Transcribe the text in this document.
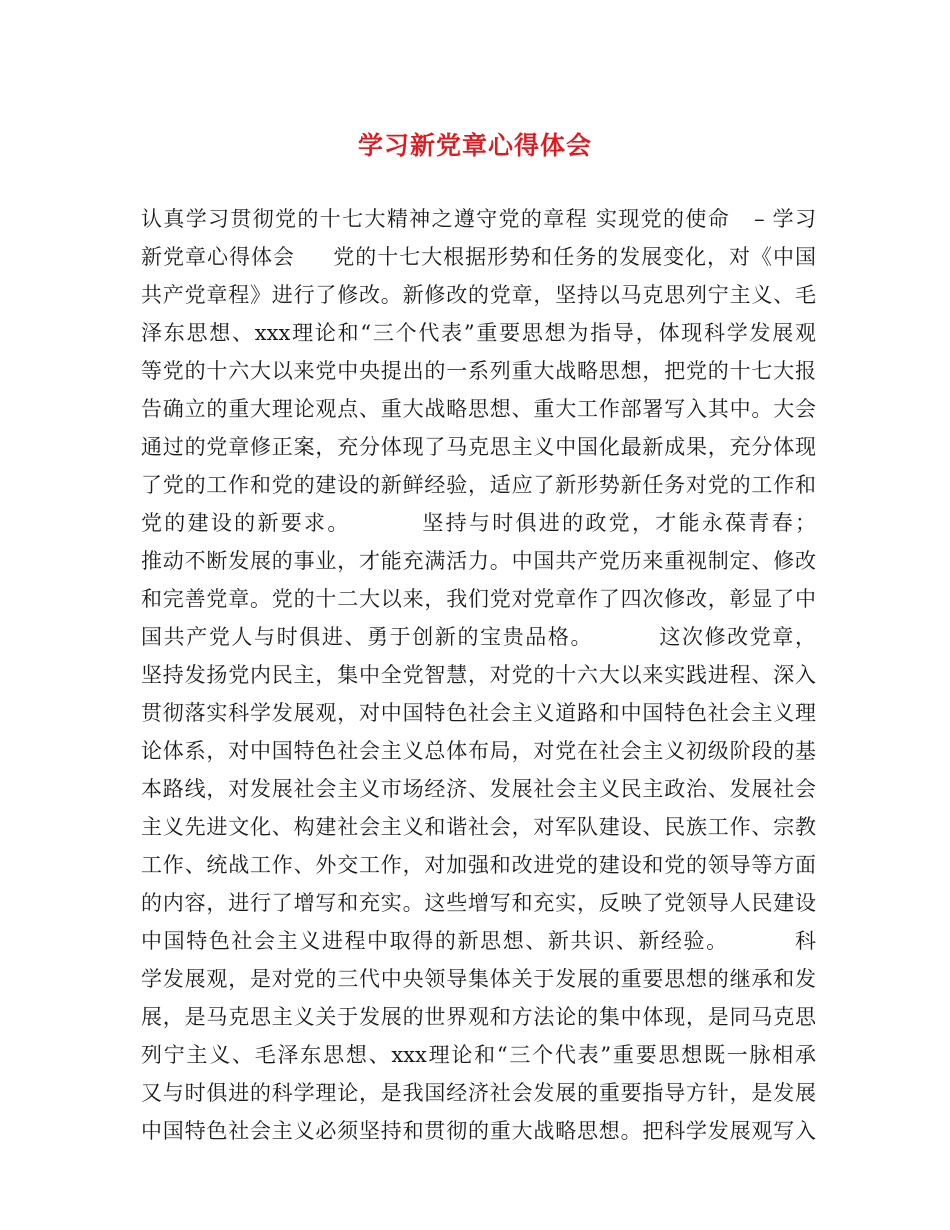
学习新党章心得体会
认真学习贯彻党的十七大精神之遵守党的章程 实现党的使命   – 学习
新党章心得体会     党的十七大根据形势和任务的发展变化，对《中国
共产党章程》进行了修改。新修改的党章，坚持以马克思列宁主义、毛
泽东思想、xxx理论和“三个代表”重要思想为指导，体现科学发展观
等党的十六大以来党中央提出的一系列重大战略思想，把党的十七大报
告确立的重大理论观点、重大战略思想、重大工作部署写入其中。大会
通过的党章修正案，充分体现了马克思主义中国化最新成果，充分体现
了党的工作和党的建设的新鲜经验，适应了新形势新任务对党的工作和
党的建设的新要求。        坚持与时俱进的政党，才能永葆青春；
推动不断发展的事业，才能充满活力。中国共产党历来重视制定、修改
和完善党章。党的十二大以来，我们党对党章作了四次修改，彰显了中
国共产党人与时俱进、勇于创新的宝贵品格。        这次修改党章，
坚持发扬党内民主，集中全党智慧，对党的十六大以来实践进程、深入
贯彻落实科学发展观，对中国特色社会主义道路和中国特色社会主义理
论体系，对中国特色社会主义总体布局，对党在社会主义初级阶段的基
本路线，对发展社会主义市场经济、发展社会主义民主政治、发展社会
主义先进文化、构建社会主义和谐社会，对军队建设、民族工作、宗教
工作、统战工作、外交工作，对加强和改进党的建设和党的领导等方面
的内容，进行了增写和充实。这些增写和充实，反映了党领导人民建设
中国特色社会主义进程中取得的新思想、新共识、新经验。        科
学发展观，是对党的三代中央领导集体关于发展的重要思想的继承和发
展，是马克思主义关于发展的世界观和方法论的集中体现，是同马克思
列宁主义、毛泽东思想、xxx理论和“三个代表”重要思想既一脉相承
又与时俱进的科学理论，是我国经济社会发展的重要指导方针，是发展
中国特色社会主义必须坚持和贯彻的重大战略思想。把科学发展观写入
